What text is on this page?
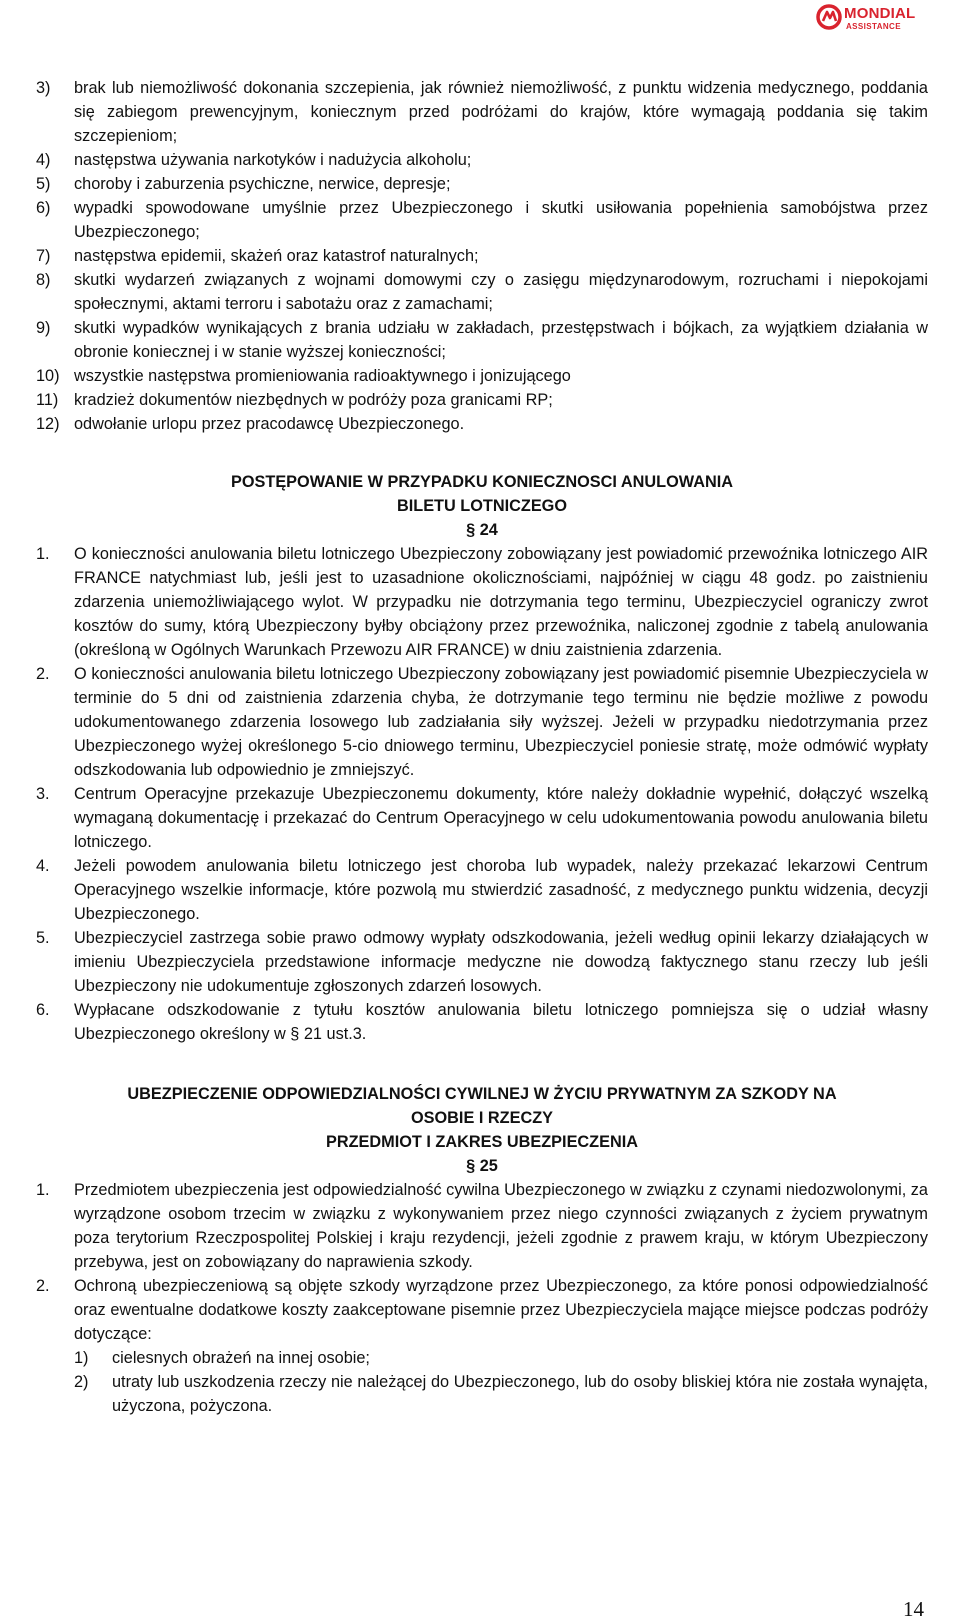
MONDIAL
ASSISTANCE
3)	brak lub niemożliwość dokonania szczepienia, jak również niemożliwość, z punktu widzenia medycznego, poddania się zabiegom prewencyjnym, koniecznym przed podróżami do krajów, które wymagają poddania się takim szczepieniom;
4)	następstwa używania narkotyków i nadużycia alkoholu;
5)	choroby i zaburzenia psychiczne, nerwice, depresje;
6)	wypadki spowodowane umyślnie przez Ubezpieczonego i skutki usiłowania popełnienia samobójstwa przez Ubezpieczonego;
7)	następstwa epidemii, skażeń oraz katastrof naturalnych;
8)	skutki wydarzeń związanych z wojnami domowymi czy o zasięgu międzynarodowym, rozruchami i niepokojami społecznymi, aktami terroru i sabotażu oraz z zamachami;
9)	skutki wypadków wynikających z brania udziału w zakładach, przestępstwach i bójkach, za wyjątkiem działania w obronie koniecznej i w stanie wyższej konieczności;
10) wszystkie następstwa promieniowania radioaktywnego i jonizującego
11) kradzież dokumentów niezbędnych w podróży poza granicami RP;
12) odwołanie urlopu przez pracodawcę Ubezpieczonego.
POSTĘPOWANIE W PRZYPADKU KONIECZNOSCI ANULOWANIA
BILETU LOTNICZEGO
§ 24
1.	O konieczności anulowania biletu lotniczego Ubezpieczony zobowiązany jest powiadomić przewoźnika lotniczego AIR FRANCE natychmiast lub, jeśli jest to uzasadnione okolicznościami, najpóźniej w ciągu 48 godz. po zaistnieniu zdarzenia uniemożliwiającego wylot. W przypadku nie dotrzymania tego terminu, Ubezpieczyciel ograniczy zwrot kosztów do sumy, którą Ubezpieczony byłby obciążony przez przewoźnika, naliczonej zgodnie z tabelą anulowania (określoną w Ogólnych Warunkach Przewozu AIR FRANCE) w dniu zaistnienia zdarzenia.
2.	O konieczności anulowania biletu lotniczego Ubezpieczony zobowiązany jest powiadomić pisemnie Ubezpieczyciela w terminie do 5 dni od zaistnienia zdarzenia chyba, że dotrzymanie tego terminu nie będzie możliwe z powodu udokumentowanego zdarzenia losowego lub zadziałania siły wyższej. Jeżeli w przypadku niedotrzymania przez Ubezpieczonego wyżej określonego 5-cio dniowego terminu, Ubezpieczyciel poniesie stratę, może odmówić wypłaty odszkodowania lub odpowiednio je zmniejszyć.
3.	Centrum Operacyjne przekazuje Ubezpieczonemu dokumenty, które należy dokładnie wypełnić, dołączyć wszelką wymaganą dokumentację i przekazać do Centrum Operacyjnego w celu udokumentowania powodu anulowania biletu lotniczego.
4.	Jeżeli powodem anulowania biletu lotniczego jest choroba lub wypadek, należy przekazać lekarzowi Centrum Operacyjnego wszelkie informacje, które pozwolą mu stwierdzić zasadność, z medycznego punktu widzenia, decyzji Ubezpieczonego.
5.	Ubezpieczyciel zastrzega sobie prawo odmowy wypłaty odszkodowania, jeżeli według opinii lekarzy działających w imieniu Ubezpieczyciela przedstawione informacje medyczne nie dowodzą faktycznego stanu rzeczy lub jeśli Ubezpieczony nie udokumentuje zgłoszonych zdarzeń losowych.
6.	Wypłacane odszkodowanie z tytułu kosztów anulowania biletu lotniczego pomniejsza się o udział własny Ubezpieczonego określony w § 21 ust.3.
UBEZPIECZENIE ODPOWIEDZIALNOŚCI CYWILNEJ W ŻYCIU PRYWATNYM ZA SZKODY NA
OSOBIE I RZECZY
PRZEDMIOT I ZAKRES UBEZPIECZENIA
§ 25
1.	Przedmiotem ubezpieczenia jest odpowiedzialność cywilna Ubezpieczonego w związku z czynami niedozwolonymi, za wyrządzone osobom trzecim w związku z wykonywaniem przez niego czynności związanych z życiem prywatnym poza terytorium Rzeczpospolitej Polskiej i kraju rezydencji, jeżeli zgodnie z prawem kraju, w którym Ubezpieczony przebywa, jest on zobowiązany do naprawienia szkody.
2.	Ochroną ubezpieczeniową są objęte szkody wyrządzone przez Ubezpieczonego, za które ponosi odpowiedzialność oraz ewentualne dodatkowe koszty zaakceptowane pisemnie przez Ubezpieczyciela mające miejsce podczas podróży dotyczące:
1)	cielesnych obrażeń na innej osobie;
2)	utraty lub uszkodzenia rzeczy nie należącej do Ubezpieczonego, lub do osoby bliskiej która nie została wynajęta, użyczona, pożyczona.
14
